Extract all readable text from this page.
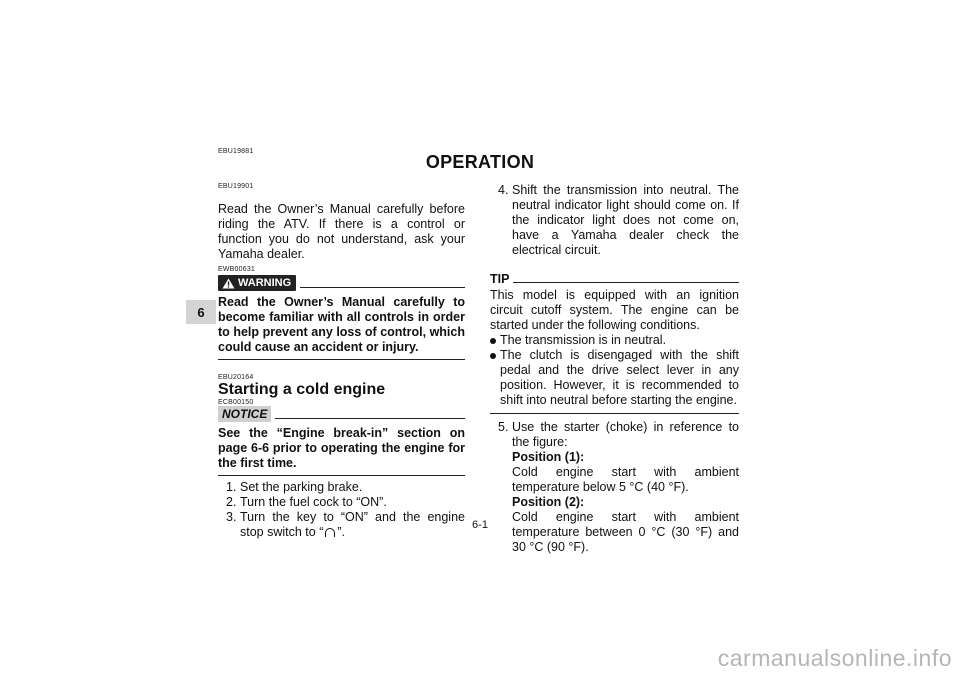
6
EBU19881
OPERATION
EBU19901
Read the Owner’s Manual carefully before riding the ATV. If there is a control or function you do not understand, ask your Yamaha dealer.
EWB00631
WARNING
Read the Owner’s Manual carefully to become familiar with all controls in order to help prevent any loss of control, which could cause an accident or injury.
EBU20164
Starting a cold engine
ECB00150
NOTICE
See the “Engine break-in” section on page 6-6 prior to operating the engine for the first time.
1. Set the parking brake.
2. Turn the fuel cock to “ON”.
3. Turn the key to “ON” and the engine stop switch to “ ”.
4. Shift the transmission into neutral. The neutral indicator light should come on. If the indicator light does not come on, have a Yamaha dealer check the electrical circuit.
TIP
This model is equipped with an ignition circuit cutoff system. The engine can be started under the following conditions.
The transmission is in neutral.
The clutch is disengaged with the shift pedal and the drive select lever in any position. However, it is recommended to shift into neutral before starting the engine.
5. Use the starter (choke) in reference to the figure:
Position (1):
Cold engine start with ambient temperature below 5 °C (40 °F).
Position (2):
Cold engine start with ambient temperature between 0 °C (30 °F) and 30 °C (90 °F).
6-1
carmanualsonline.info
